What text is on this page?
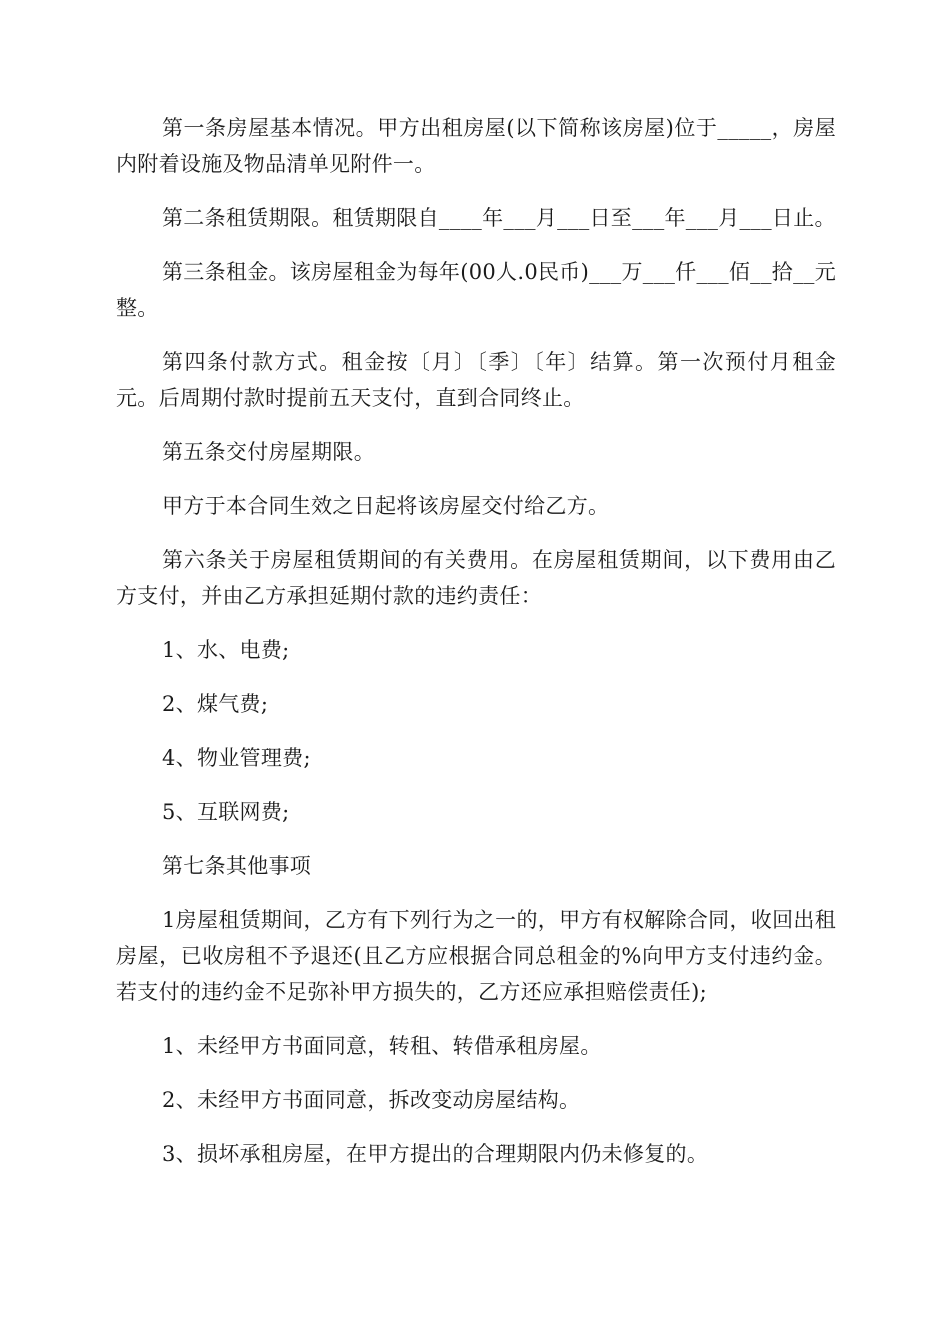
第一条房屋基本情况。甲方出租房屋(以下简称该房屋)位于_____，房屋内附着设施及物品清单见附件一。

第二条租赁期限。租赁期限自____年___月___日至___年___月___日止。

第三条租金。该房屋租金为每年(00人.0民币)___万___仟___佰__拾__元整。

第四条付款方式。租金按〔月〕〔季〕〔年〕结算。第一次预付月租金元。后周期付款时提前五天支付，直到合同终止。

第五条交付房屋期限。

甲方于本合同生效之日起将该房屋交付给乙方。

第六条关于房屋租赁期间的有关费用。在房屋租赁期间，以下费用由乙方支付，并由乙方承担延期付款的违约责任：

1、水、电费;

2、煤气费;

4、物业管理费;

5、互联网费;

第七条其他事项

1房屋租赁期间，乙方有下列行为之一的，甲方有权解除合同，收回出租房屋，已收房租不予退还(且乙方应根据合同总租金的%向甲方支付违约金。若支付的违约金不足弥补甲方损失的，乙方还应承担赔偿责任);

1、未经甲方书面同意，转租、转借承租房屋。

2、未经甲方书面同意，拆改变动房屋结构。

3、损坏承租房屋，在甲方提出的合理期限内仍未修复的。
